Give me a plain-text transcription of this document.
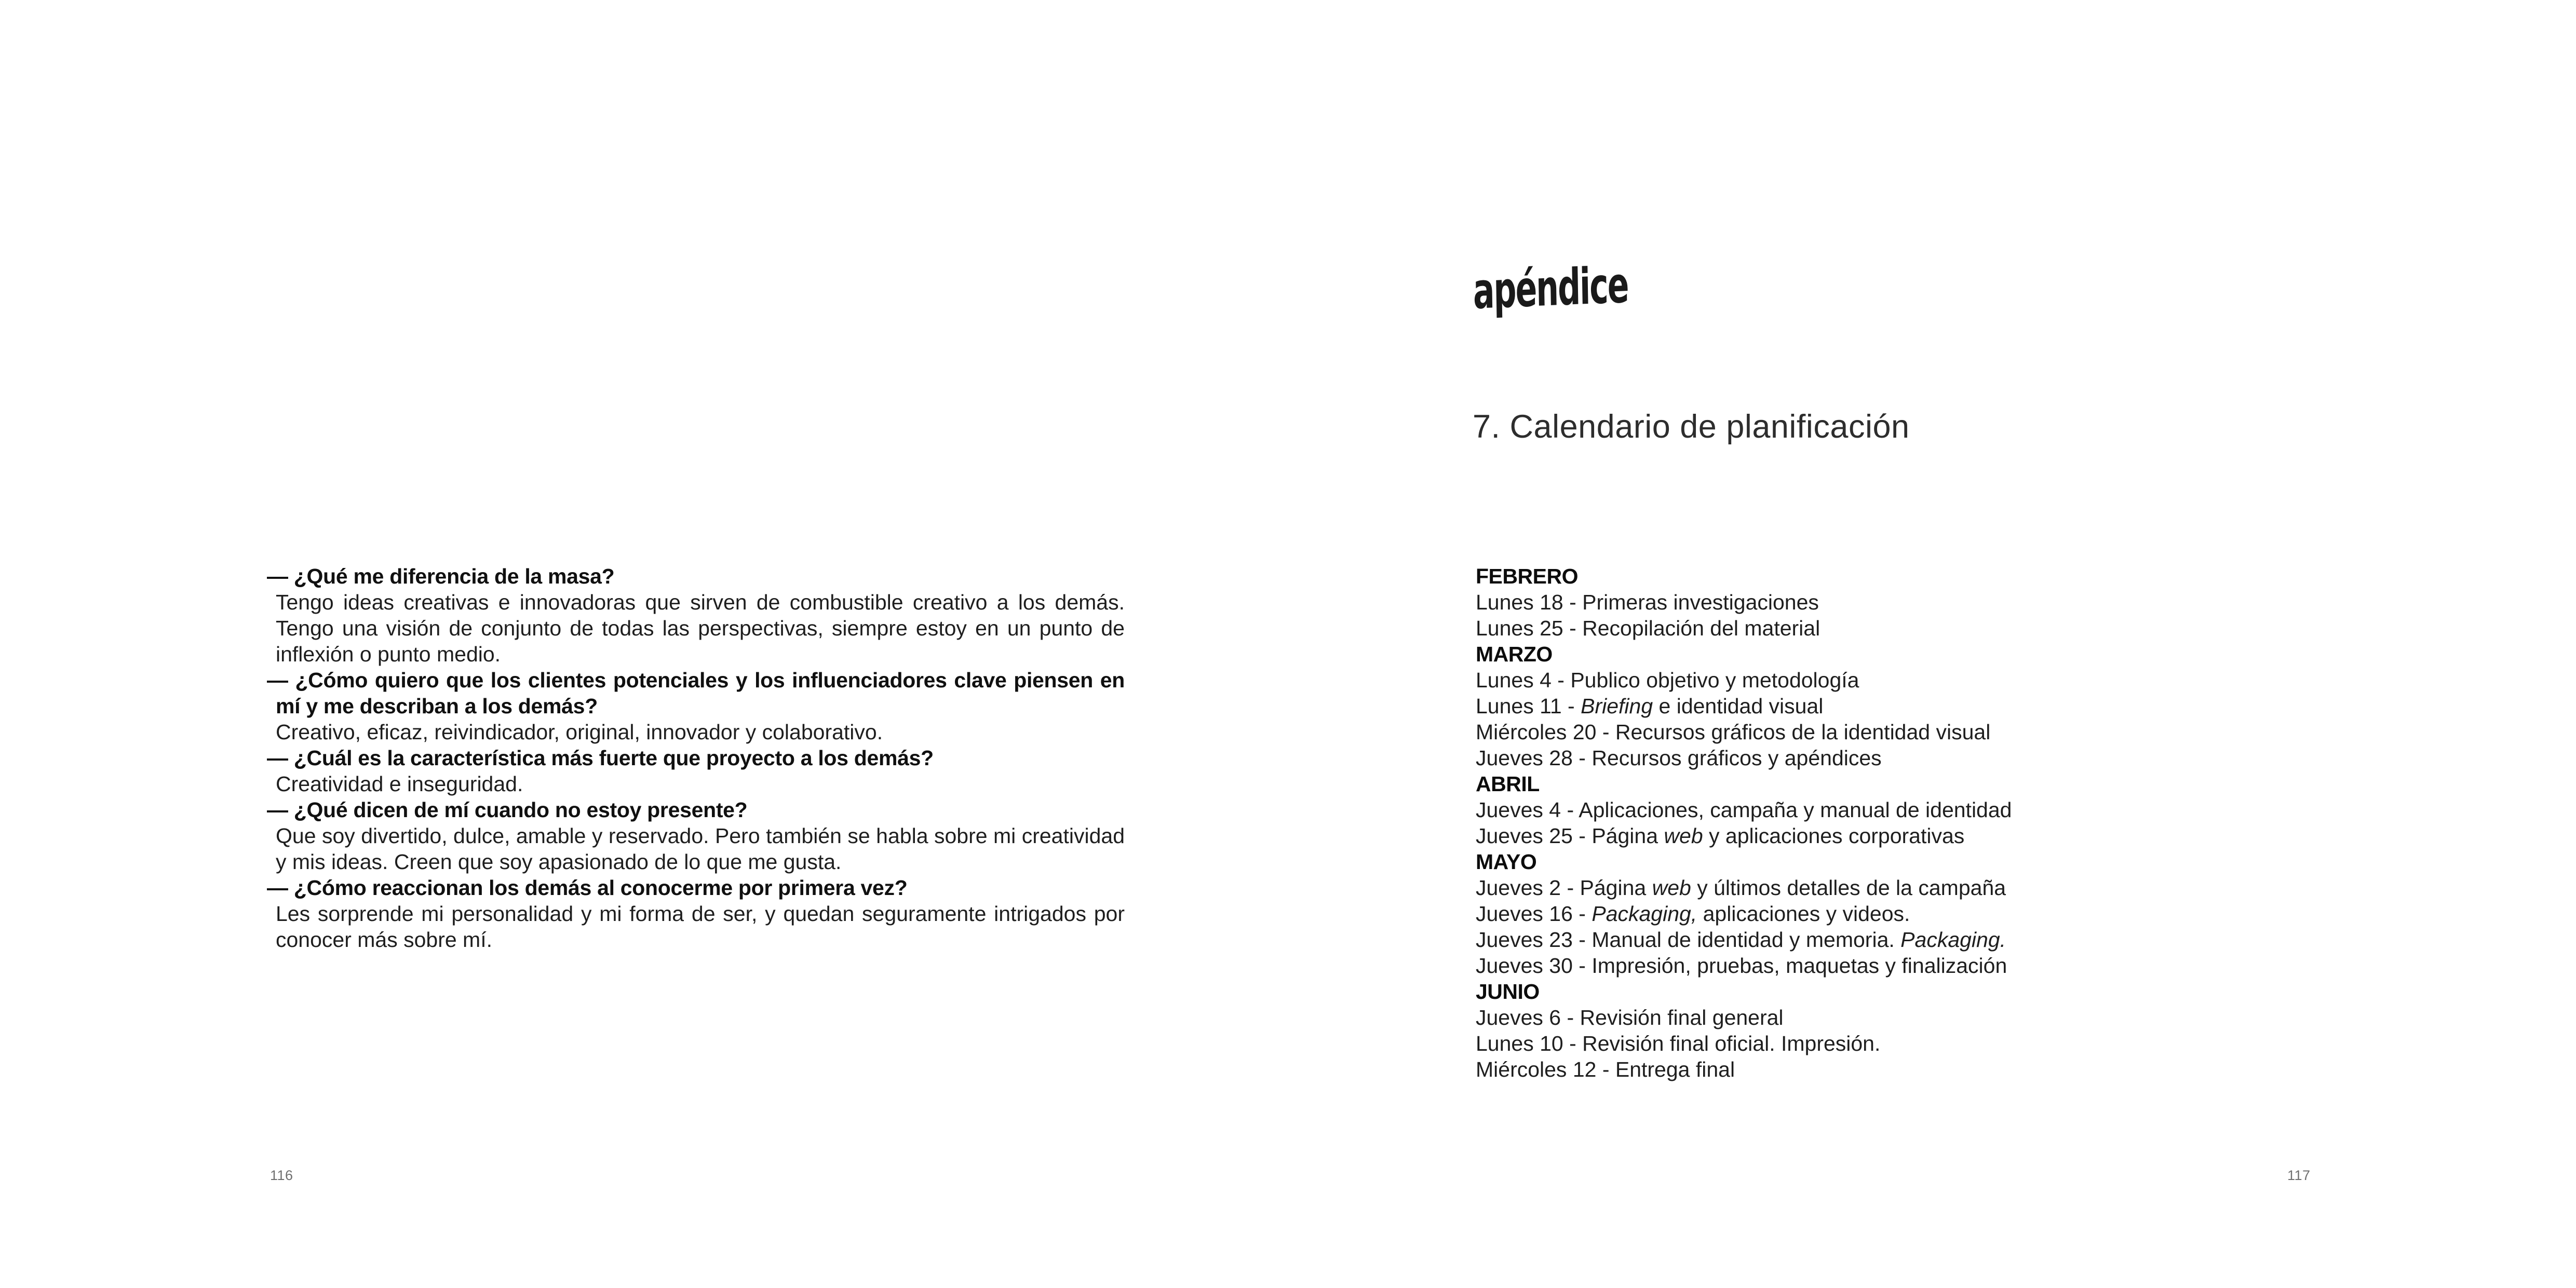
— ¿Qué me diferencia de la masa?
Tengo ideas creativas e innovadoras que sirven de combustible creativo a los demás. Tengo una visión de conjunto de todas las perspectivas, siempre estoy en un punto de inflexión o punto medio.
— ¿Cómo quiero que los clientes potenciales y los influenciadores clave piensen en mí y me describan a los demás?
Creativo, eficaz, reivindicador, original, innovador y colaborativo.
— ¿Cuál es la característica más fuerte que proyecto a los demás?
Creatividad e inseguridad.
— ¿Qué dicen de mí cuando no estoy presente?
Que soy divertido, dulce, amable y reservado. Pero también se habla sobre mi creatividad y mis ideas. Creen que soy apasionado de lo que me gusta.
— ¿Cómo reaccionan los demás al conocerme por primera vez?
Les sorprende mi personalidad y mi forma de ser, y quedan seguramente intrigados por conocer más sobre mí.
116
apéndice
7. Calendario de planificación
FEBRERO
Lunes 18 - Primeras investigaciones
Lunes 25 - Recopilación del material
MARZO
Lunes 4 - Publico objetivo y metodología
Lunes 11 - Briefing e identidad visual
Miércoles 20 - Recursos gráficos de la identidad visual
Jueves 28 - Recursos gráficos y apéndices
ABRIL
Jueves 4 - Aplicaciones, campaña y manual de identidad
Jueves 25 - Página web y aplicaciones corporativas
MAYO
Jueves 2 - Página web y últimos detalles de la campaña
Jueves 16 - Packaging, aplicaciones y videos.
Jueves 23 - Manual de identidad y memoria. Packaging.
Jueves 30 - Impresión, pruebas, maquetas y finalización
JUNIO
Jueves 6 - Revisión final general
Lunes 10 - Revisión final oficial. Impresión.
Miércoles 12 - Entrega final
117
